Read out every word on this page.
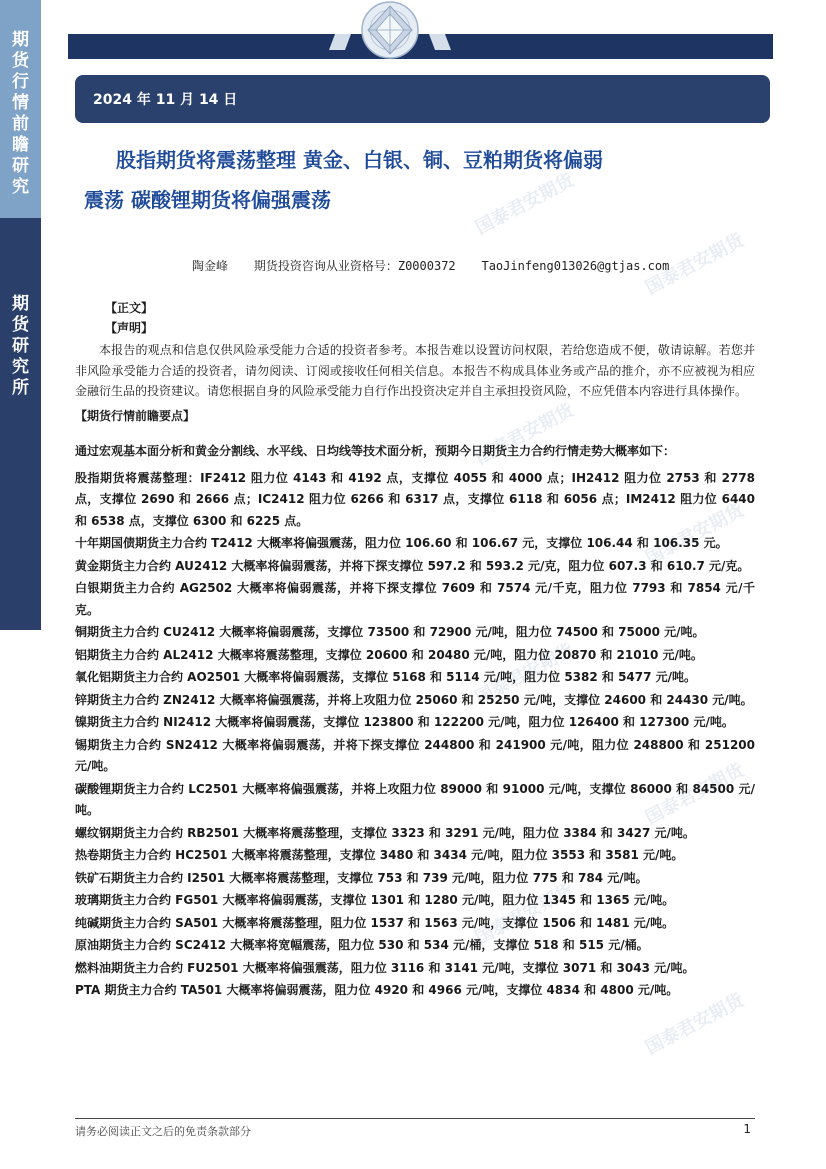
期
货
行
情
前
瞻
研
究
期
货
研
究
所
2024 年 11 月 14 日
股指期货将震荡整理 黄金、白银、铜、豆粕期货将偏弱
震荡 碳酸锂期货将偏强震荡
陶金峰 期货投资咨询从业资格号：Z0000372 TaoJinfeng013026@gtjas.com
国泰君安期货
国泰君安期货
国泰君安期货
国泰君安期货
国泰君安期货
国泰君安期货
国泰君安期货
国泰君安期货
【正文】
【声明】

本报告的观点和信息仅供风险承受能力合适的投资者参考。本报告难以设置访问权限，若给您造成不便，敬请谅解。若您并非风险承受能力合适的投资者，请勿阅读、订阅或接收任何相关信息。本报告不构成具体业务或产品的推介，亦不应被视为相应金融衍生品的投资建议。请您根据自身的风险承受能力自行作出投资决定并自主承担投资风险，不应凭借本内容进行具体操作。

【期货行情前瞻要点】
通过宏观基本面分析和黄金分割线、水平线、日均线等技术面分析，预期今日期货主力合约行情走势大概率如下：
股指期货将震荡整理：IF2412 阻力位 4143 和 4192 点，支撑位 4055 和 4000 点；IH2412 阻力位 2753 和 2778 点，支撑位 2690 和 2666 点；IC2412 阻力位 6266 和 6317 点，支撑位 6118 和 6056 点；IM2412 阻力位 6440 和 6538 点，支撑位 6300 和 6225 点。
十年期国债期货主力合约 T2412 大概率将偏强震荡，阻力位 106.60 和 106.67 元，支撑位 106.44 和 106.35 元。
黄金期货主力合约 AU2412 大概率将偏弱震荡，并将下探支撑位 597.2 和 593.2 元/克，阻力位 607.3 和 610.7 元/克。
白银期货主力合约 AG2502 大概率将偏弱震荡，并将下探支撑位 7609 和 7574 元/千克，阻力位 7793 和 7854 元/千克。
铜期货主力合约 CU2412 大概率将偏弱震荡，支撑位 73500 和 72900 元/吨，阻力位 74500 和 75000 元/吨。
铝期货主力合约 AL2412 大概率将震荡整理，支撑位 20600 和 20480 元/吨，阻力位 20870 和 21010 元/吨。
氧化铝期货主力合约 AO2501 大概率将偏弱震荡，支撑位 5168 和 5114 元/吨，阻力位 5382 和 5477 元/吨。
锌期货主力合约 ZN2412 大概率将偏强震荡，并将上攻阻力位 25060 和 25250 元/吨，支撑位 24600 和 24430 元/吨。
镍期货主力合约 NI2412 大概率将偏弱震荡，支撑位 123800 和 122200 元/吨，阻力位 126400 和 127300 元/吨。
锡期货主力合约 SN2412 大概率将偏弱震荡，并将下探支撑位 244800 和 241900 元/吨，阻力位 248800 和 251200 元/吨。
碳酸锂期货主力合约 LC2501 大概率将偏强震荡，并将上攻阻力位 89000 和 91000 元/吨，支撑位 86000 和 84500 元/吨。
螺纹钢期货主力合约 RB2501 大概率将震荡整理，支撑位 3323 和 3291 元/吨，阻力位 3384 和 3427 元/吨。
热卷期货主力合约 HC2501 大概率将震荡整理，支撑位 3480 和 3434 元/吨，阻力位 3553 和 3581 元/吨。
铁矿石期货主力合约 I2501 大概率将震荡整理，支撑位 753 和 739 元/吨，阻力位 775 和 784 元/吨。
玻璃期货主力合约 FG501 大概率将偏弱震荡，支撑位 1301 和 1280 元/吨，阻力位 1345 和 1365 元/吨。
纯碱期货主力合约 SA501 大概率将震荡整理，阻力位 1537 和 1563 元/吨，支撑位 1506 和 1481 元/吨。
原油期货主力合约 SC2412 大概率将宽幅震荡，阻力位 530 和 534 元/桶，支撑位 518 和 515 元/桶。
燃料油期货主力合约 FU2501 大概率将偏强震荡，阻力位 3116 和 3141 元/吨，支撑位 3071 和 3043 元/吨。
PTA 期货主力合约 TA501 大概率将偏弱震荡，阻力位 4920 和 4966 元/吨，支撑位 4834 和 4800 元/吨。
请务必阅读正文之后的免责条款部分	1
